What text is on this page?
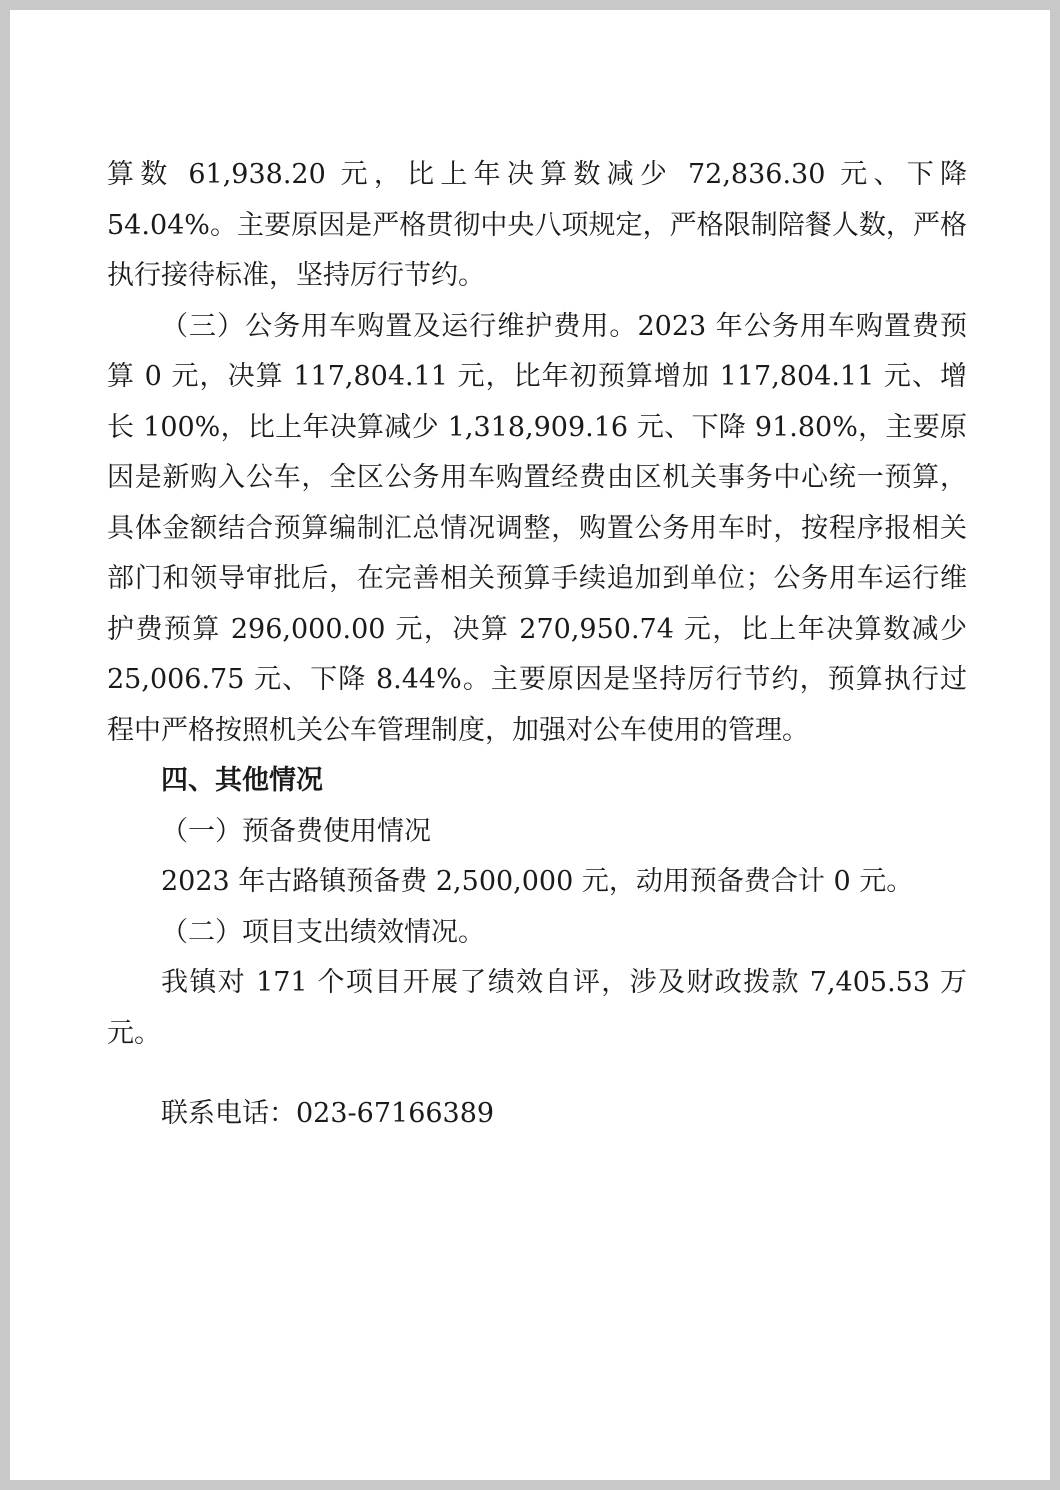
算数 61,938.20 元，比上年决算数减少 72,836.30 元、下降 54.04%。主要原因是严格贯彻中央八项规定，严格限制陪餐人数，严格执行接待标准，坚持厉行节约。

（三）公务用车购置及运行维护费用。2023 年公务用车购置费预算 0 元，决算 117,804.11 元，比年初预算增加 117,804.11 元、增长 100%，比上年决算减少 1,318,909.16 元、下降 91.80%，主要原因是新购入公车，全区公务用车购置经费由区机关事务中心统一预算，具体金额结合预算编制汇总情况调整，购置公务用车时，按程序报相关部门和领导审批后，在完善相关预算手续追加到单位；公务用车运行维护费预算 296,000.00 元，决算 270,950.74 元，比上年决算数减少 25,006.75 元、下降 8.44%。主要原因是坚持厉行节约，预算执行过程中严格按照机关公车管理制度，加强对公车使用的管理。

四、其他情况

（一）预备费使用情况

2023 年古路镇预备费 2,500,000 元，动用预备费合计 0 元。

（二）项目支出绩效情况。

我镇对 171 个项目开展了绩效自评，涉及财政拨款 7,405.53 万元。

联系电话：023-67166389
